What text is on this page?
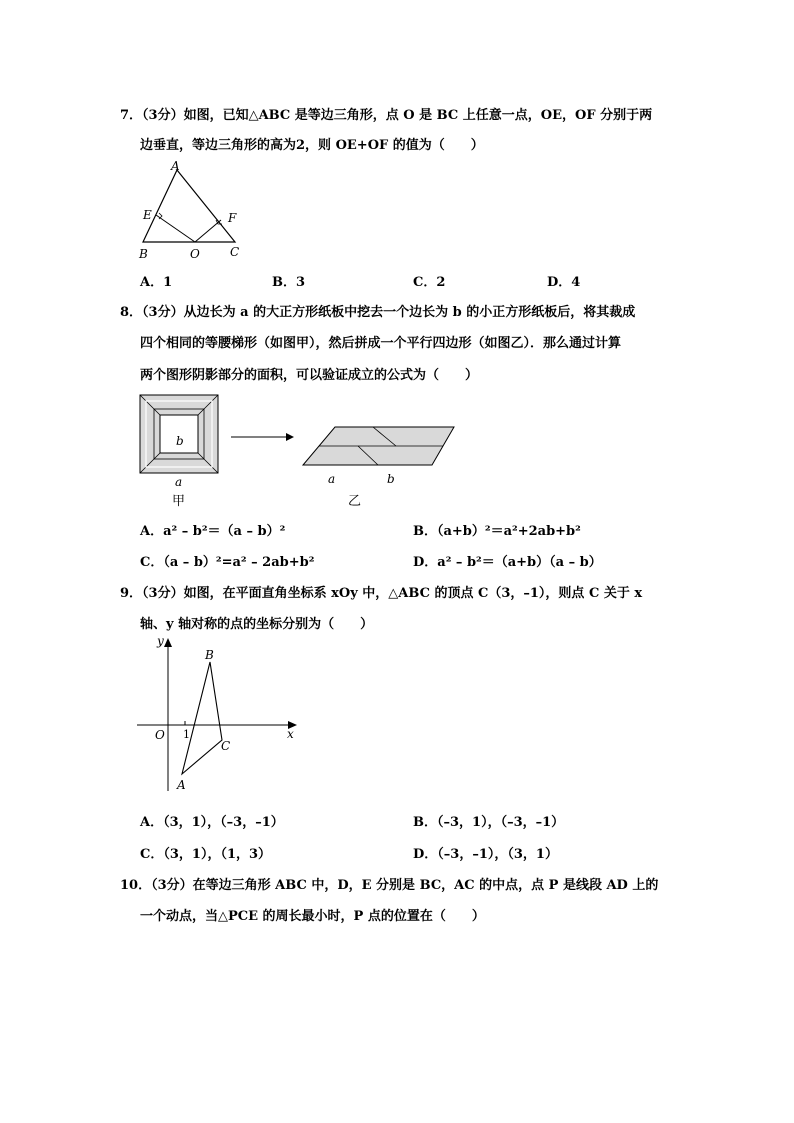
7．（3分）如图，已知△ABC 是等边三角形，点 O 是 BC 上任意一点，OE，OF 分别于两
边垂直，等边三角形的高为2，则 OE+OF 的值为（　　）
A
B	C
E	F
O
A．1	B．3	C．2	D．4
8．（3分）从边长为 a 的大正方形纸板中挖去一个边长为 b 的小正方形纸板后，将其裁成
四个相同的等腰梯形（如图甲），然后拼成一个平行四边形（如图乙）．那么通过计算
两个图形阴影部分的面积，可以验证成立的公式为（　　）
b
a
甲
a	b
乙
A．a² – b²＝（a – b）²	B．（a+b）²＝a²+2ab+b²
C．（a – b）²=a² – 2ab+b²	D．a² – b²＝（a+b）（a – b）
9．（3分）如图，在平面直角坐标系 xOy 中，△ABC 的顶点 C（3，–1），则点 C 关于 x
轴、y 轴对称的点的坐标分别为（　　）
y
x
O 1
A
B
C
A．（3，1），（–3，–1）	B．（–3，1），（–3，–1）
C．（3，1），（1，3）	D．（–3，–1），（3，1）
10．（3分）在等边三角形 ABC 中，D，E 分别是 BC，AC 的中点，点 P 是线段 AD 上的
一个动点，当△PCE 的周长最小时，P 点的位置在（　　）
